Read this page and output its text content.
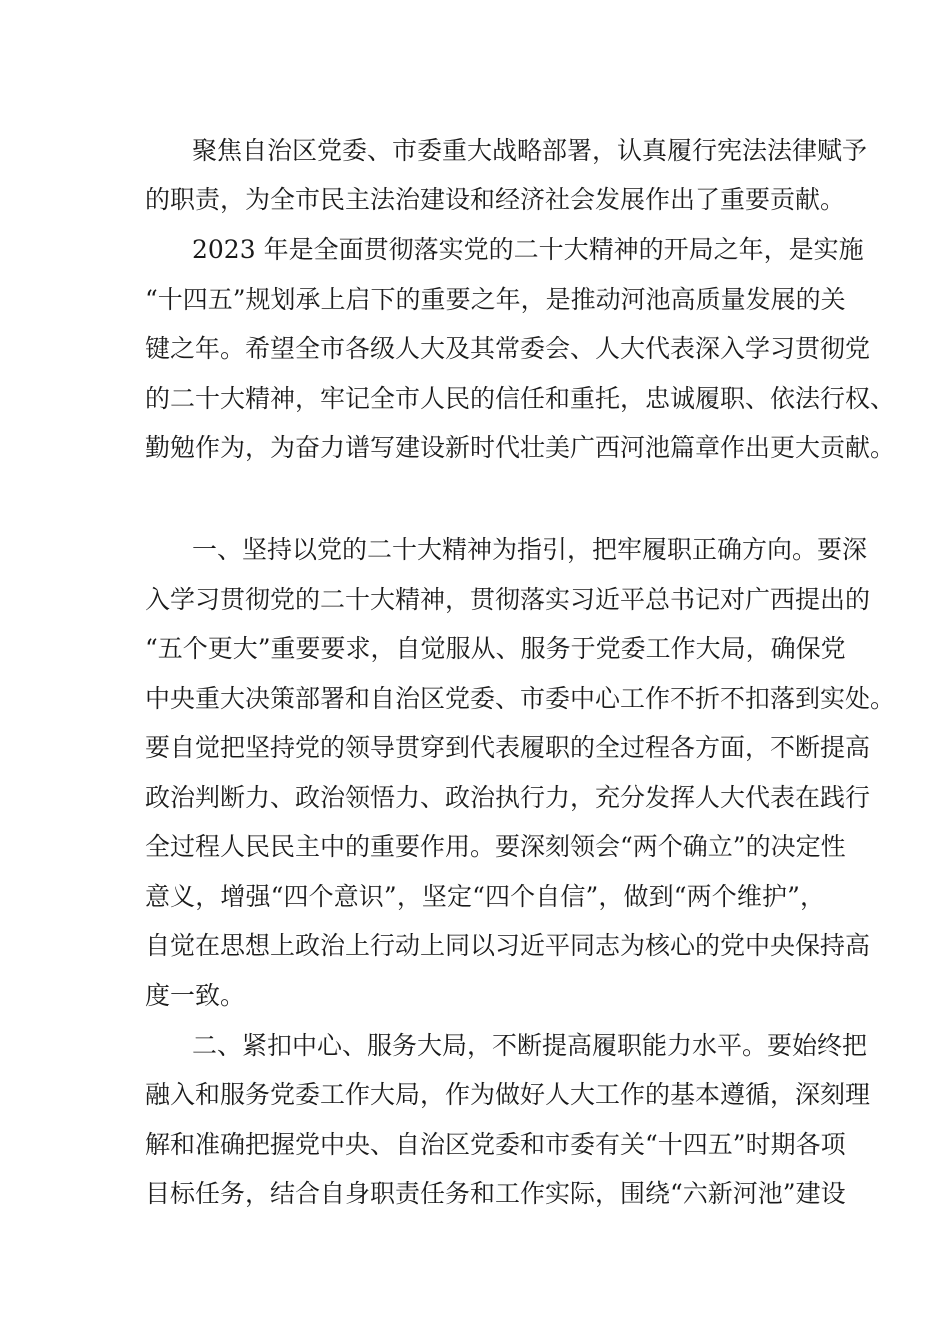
聚焦自治区党委、市委重大战略部署，认真履行宪法法律赋予
的职责，为全市民主法治建设和经济社会发展作出了重要贡献。
2023 年是全面贯彻落实党的二十大精神的开局之年，是实施
“十四五”规划承上启下的重要之年，是推动河池高质量发展的关
键之年。希望全市各级人大及其常委会、人大代表深入学习贯彻党
的二十大精神，牢记全市人民的信任和重托，忠诚履职、依法行权、
勤勉作为，为奋力谱写建设新时代壮美广西河池篇章作出更大贡献。
一、坚持以党的二十大精神为指引，把牢履职正确方向。要深
入学习贯彻党的二十大精神，贯彻落实习近平总书记对广西提出的
“五个更大”重要要求，自觉服从、服务于党委工作大局，确保党
中央重大决策部署和自治区党委、市委中心工作不折不扣落到实处。
要自觉把坚持党的领导贯穿到代表履职的全过程各方面，不断提高
政治判断力、政治领悟力、政治执行力，充分发挥人大代表在践行
全过程人民民主中的重要作用。要深刻领会“两个确立”的决定性
意义，增强“四个意识”，坚定“四个自信”，做到“两个维护”，
自觉在思想上政治上行动上同以习近平同志为核心的党中央保持高
度一致。
二、紧扣中心、服务大局，不断提高履职能力水平。要始终把
融入和服务党委工作大局，作为做好人大工作的基本遵循，深刻理
解和准确把握党中央、自治区党委和市委有关“十四五”时期各项
目标任务，结合自身职责任务和工作实际，围绕“六新河池”建设
